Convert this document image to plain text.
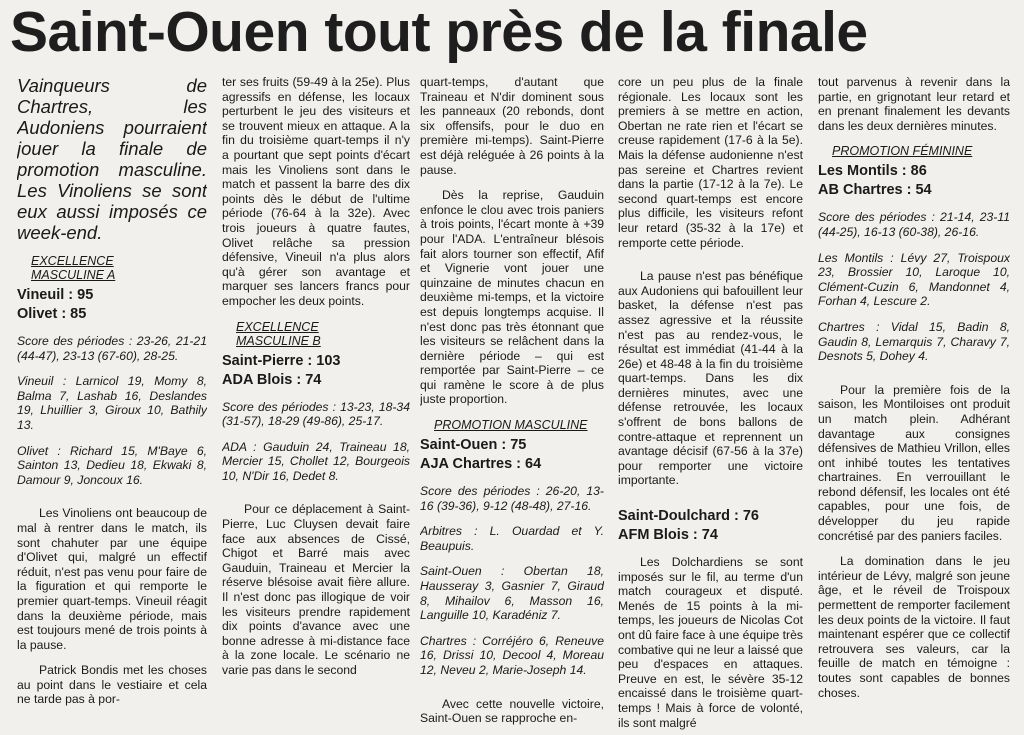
Saint-Ouen tout près de la finale

Vainqueurs de Chartres, les Audoniens pourraient jouer la finale de promotion masculine. Les Vinoliens se sont eux aussi imposés ce week-end.

EXCELLENCE
MASCULINE A
Vineuil : 95
Olivet : 85

Score des périodes : 23-26, 21-21 (44-47), 23-13 (67-60), 28-25.

Vineuil : Larnicol 19, Momy 8, Balma 7, Lashab 16, Deslandes 19, Lhuillier 3, Giroux 10, Bathily 13.

Olivet : Richard 15, M'Baye 6, Sainton 13, Dedieu 18, Ekwaki 8, Damour 9, Joncoux 16.

Les Vinoliens ont beaucoup de mal à rentrer dans le match, ils sont chahuter par une équipe d'Olivet qui, malgré un effectif réduit, n'est pas venu pour faire de la figuration et qui remporte le premier quart-temps. Vineuil réagit dans la deuxième période, mais est toujours mené de trois points à la pause.

Patrick Bondis met les choses au point dans le vestiaire et cela ne tarde pas à por-

ter ses fruits (59-49 à la 25e). Plus agressifs en défense, les locaux perturbent le jeu des visiteurs et se trouvent mieux en attaque. A la fin du troisième quart-temps il n'y a pourtant que sept points d'écart mais les Vinoliens sont dans le match et passent la barre des dix points dès le début de l'ultime période (76-64 à la 32e). Avec trois joueurs à quatre fautes, Olivet relâche sa pression défensive, Vineuil n'a plus alors qu'à gérer son avantage et marquer ses lancers francs pour empocher les deux points.

EXCELLENCE
MASCULINE B
Saint-Pierre : 103
ADA Blois : 74

Score des périodes : 13-23, 18-34 (31-57), 18-29 (49-86), 25-17.

ADA : Gauduin 24, Traineau 18, Mercier 15, Chollet 12, Bourgeois 10, N'Dir 16, Dedet 8.

Pour ce déplacement à Saint-Pierre, Luc Cluysen devait faire face aux absences de Cissé, Chigot et Barré mais avec Gauduin, Traineau et Mercier la réserve blésoise avait fière allure. Il n'est donc pas illogique de voir les visiteurs prendre rapidement dix points d'avance avec une bonne adresse à mi-distance face à la zone locale. Le scénario ne varie pas dans le second

quart-temps, d'autant que Traineau et N'dir dominent sous les panneaux (20 rebonds, dont six offensifs, pour le duo en première mi-temps). Saint-Pierre est déjà reléguée à 26 points à la pause.

Dès la reprise, Gauduin enfonce le clou avec trois paniers à trois points, l'écart monte à +39 pour l'ADA. L'entraîneur blésois fait alors tourner son effectif, Afif et Vignerie vont jouer une quinzaine de minutes chacun en deuxième mi-temps, et la victoire est depuis longtemps acquise. Il n'est donc pas très étonnant que les visiteurs se relâchent dans la dernière période – qui est remportée par Saint-Pierre – ce qui ramène le score à de plus juste proportion.

PROMOTION MASCULINE
Saint-Ouen : 75
AJA Chartres : 64

Score des périodes : 26-20, 13-16 (39-36), 9-12 (48-48), 27-16.

Arbitres : L. Ouardad et Y. Beaupuis.

Saint-Ouen : Obertan 18, Hausseray 3, Gasnier 7, Giraud 8, Mihailov 6, Masson 16, Languille 10, Karadéniz 7.

Chartres : Corréjéro 6, Reneuve 16, Drissi 10, Decool 4, Moreau 12, Neveu 2, Marie-Joseph 14.

Avec cette nouvelle victoire, Saint-Ouen se rapproche en-

core un peu plus de la finale régionale. Les locaux sont les premiers à se mettre en action, Obertan ne rate rien et l'écart se creuse rapidement (17-6 à la 5e). Mais la défense audonienne n'est pas sereine et Chartres revient dans la partie (17-12 à la 7e). Le second quart-temps est encore plus difficile, les visiteurs refont leur retard (35-32 à la 17e) et remporte cette période.

La pause n'est pas bénéfique aux Audoniens qui bafouillent leur basket, la défense n'est pas assez agressive et la réussite n'est pas au rendez-vous, le résultat est immédiat (41-44 à la 26e) et 48-48 à la fin du troisième quart-temps. Dans les dix dernières minutes, avec une défense retrouvée, les locaux s'offrent de bons ballons de contre-attaque et reprennent un avantage décisif (67-56 à la 37e) pour remporter une victoire importante.

Saint-Doulchard : 76
AFM Blois : 74

Les Dolchardiens se sont imposés sur le fil, au terme d'un match courageux et disputé. Menés de 15 points à la mi-temps, les joueurs de Nicolas Cot ont dû faire face à une équipe très combative qui ne leur a laissé que peu d'espaces en attaques. Preuve en est, le sévère 35-12 encaissé dans le troisième quart-temps ! Mais à force de volonté, ils sont malgré

tout parvenus à revenir dans la partie, en grignotant leur retard et en prenant finalement les devants dans les deux dernières minutes.

PROMOTION FÉMININE
Les Montils : 86
AB Chartres : 54

Score des périodes : 21-14, 23-11 (44-25), 16-13 (60-38), 26-16.

Les Montils : Lévy 27, Troispoux 23, Brossier 10, Laroque 10, Clément-Cuzin 6, Mandonnet 4, Forhan 4, Lescure 2.

Chartres : Vidal 15, Badin 8, Gaudin 8, Lemarquis 7, Charavy 7, Desnots 5, Dohey 4.

Pour la première fois de la saison, les Montiloises ont produit un match plein. Adhérant davantage aux consignes défensives de Mathieu Vrillon, elles ont inhibé toutes les tentatives chartraines. En verrouillant le rebond défensif, les locales ont été capables, pour une fois, de développer du jeu rapide concrétisé par des paniers faciles.

La domination dans le jeu intérieur de Lévy, malgré son jeune âge, et le réveil de Troispoux permettent de remporter facilement les deux points de la victoire. Il faut maintenant espérer que ce collectif retrouvera ses valeurs, car la feuille de match en témoigne : toutes sont capables de bonnes choses.
